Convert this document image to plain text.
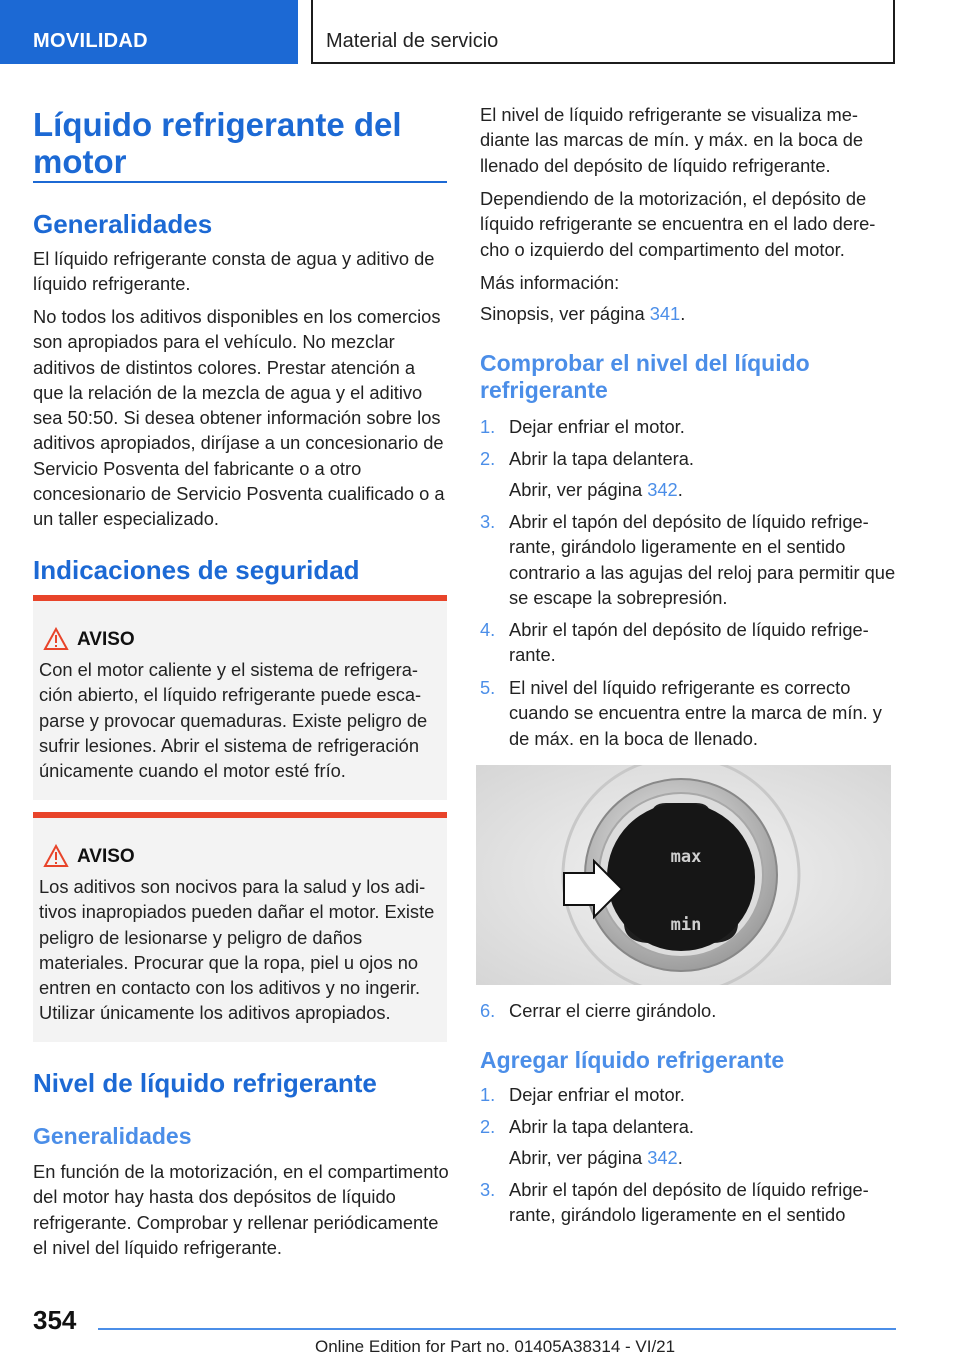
MOVILIDAD	Material de servicio
Líquido refrigerante del
motor
Generalidades

El líquido refrigerante consta de agua y aditivo de líquido refrigerante.

No todos los aditivos disponibles en los comercios son apropiados para el vehículo. No mezclar aditivos de distintos colores. Prestar atención a que la relación de la mezcla de agua y el aditivo sea 50:50. Si desea obtener información sobre los aditivos apropiados, diríjase a un concesionario de Servicio Posventa del fabricante o a otro concesionario de Servicio Posventa cualificado o a un taller especializado.

Indicaciones de seguridad
AVISO

Con el motor caliente y el sistema de refrigeración abierto, el líquido refrigerante puede escaparse y provocar quemaduras. Existe peligro de sufrir lesiones. Abrir el sistema de refrigeración únicamente cuando el motor esté frío.

AVISO

Los aditivos son nocivos para la salud y los aditivos inapropiados pueden dañar el motor. Existe peligro de lesionarse y peligro de daños materiales. Procurar que la ropa, piel u ojos no entren en contacto con los aditivos y no ingerir. Utilizar únicamente los aditivos apropiados.

Nivel de líquido refrigerante
Generalidades

En función de la motorización, en el compartimento del motor hay hasta dos depósitos de líquido refrigerante. Comprobar y rellenar periódicamente el nivel del líquido refrigerante.

El nivel de líquido refrigerante se visualiza mediante las marcas de mín. y máx. en la boca de llenado del depósito de líquido refrigerante.

Dependiendo de la motorización, el depósito de líquido refrigerante se encuentra en el lado derecho o izquierdo del compartimento del motor.

Más información:

Sinopsis, ver página 341.

Comprobar el nivel del líquido
refrigerante
1. Dejar enfriar el motor.

2. Abrir la tapa delantera.

Abrir, ver página 342.

3. Abrir el tapón del depósito de líquido refrigerante, girándolo ligeramente en el sentido contrario a las agujas del reloj para permitir que se escape la sobrepresión.

4. Abrir el tapón del depósito de líquido refrigerante.

5. El nivel del líquido refrigerante es correcto cuando se encuentra entre la marca de mín. y de máx. en la boca de llenado.

max
min
6. Cerrar el cierre girándolo.

Agregar líquido refrigerante
1. Dejar enfriar el motor.

2. Abrir la tapa delantera.

Abrir, ver página 342.

3. Abrir el tapón del depósito de líquido refrigerante, girándolo ligeramente en el sentido

354
Online Edition for Part no. 01405A38314 - VI/21
